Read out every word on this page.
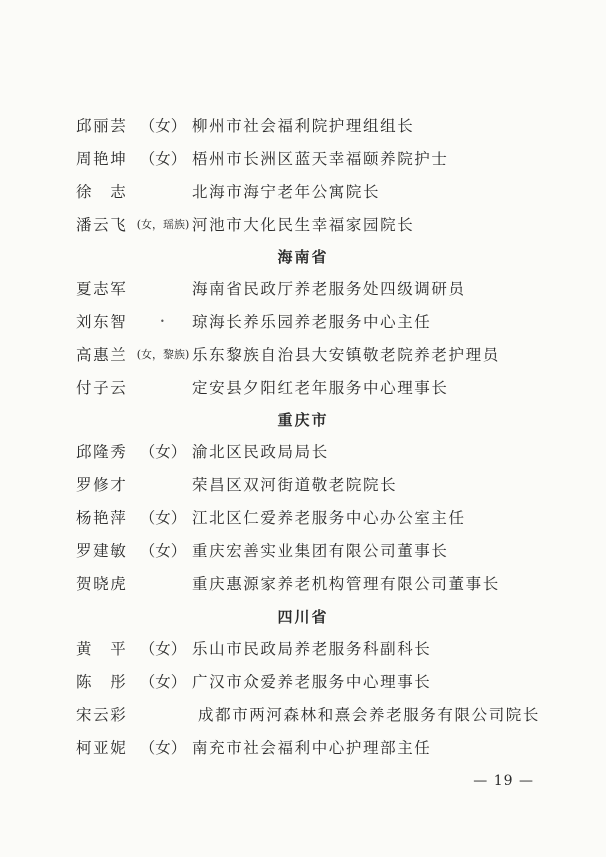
邱丽芸 （女） 柳州市社会福利院护理组组长
周艳坤 （女） 梧州市长洲区蓝天幸福颐养院护士
徐　志	北海市海宁老年公寓院长
潘云飞 (女，瑶族) 河池市大化民生幸福家园院长
海南省
夏志军	海南省民政厅养老服务处四级调研员
刘东智	琼海长养乐园养老服务中心主任
高惠兰 (女，黎族) 乐东黎族自治县大安镇敬老院养老护理员
付子云	定安县夕阳红老年服务中心理事长
重庆市
邱隆秀 （女） 渝北区民政局局长
罗修才	荣昌区双河街道敬老院院长
杨艳萍 （女） 江北区仁爱养老服务中心办公室主任
罗建敏 （女） 重庆宏善实业集团有限公司董事长
贺晓虎	重庆惠源家养老机构管理有限公司董事长
四川省
黄　平 （女） 乐山市民政局养老服务科副科长
陈　彤 （女） 广汉市众爱养老服务中心理事长
宋云彩	成都市两河森林和熹会养老服务有限公司院长
柯亚妮 （女） 南充市社会福利中心护理部主任
•
— 19 —
